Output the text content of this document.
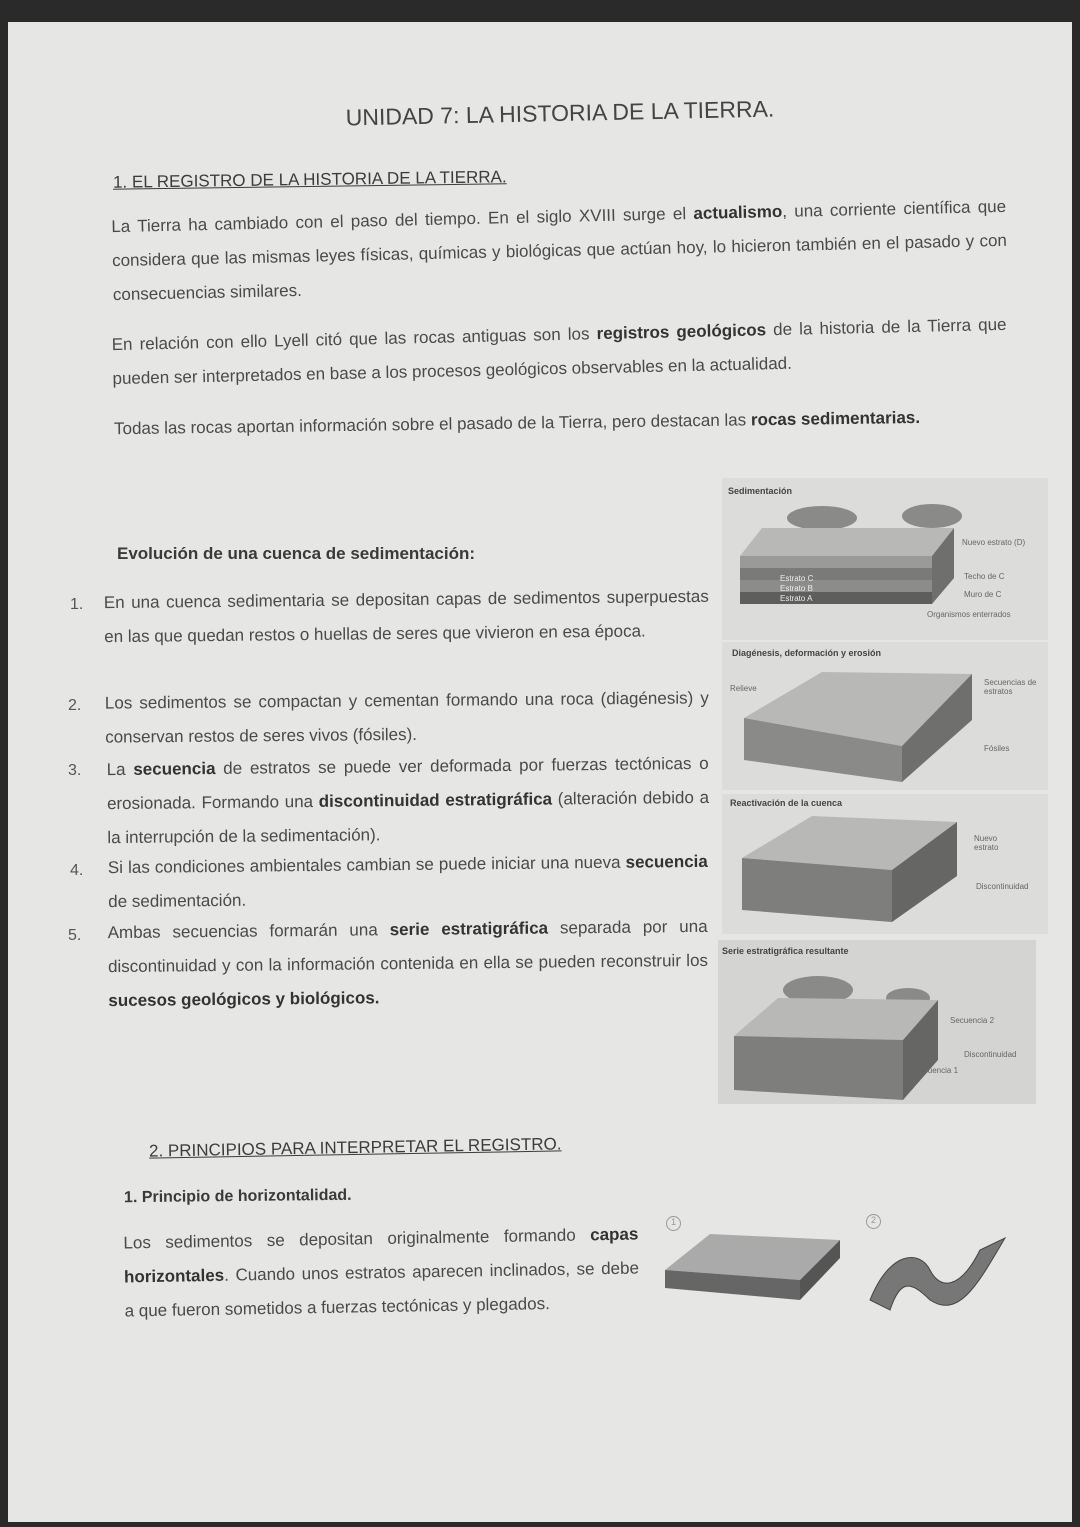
UNIDAD 7: LA HISTORIA DE LA TIERRA.
1. EL REGISTRO DE LA HISTORIA DE LA TIERRA.
La Tierra ha cambiado con el paso del tiempo. En el siglo XVIII surge el actualismo, una corriente científica que considera que las mismas leyes físicas, químicas y biológicas que actúan hoy, lo hicieron también en el pasado y con consecuencias similares.
En relación con ello Lyell citó que las rocas antiguas son los registros geológicos de la historia de la Tierra que pueden ser interpretados en base a los procesos geológicos observables en la actualidad.
Todas las rocas aportan información sobre el pasado de la Tierra, pero destacan las rocas sedimentarias.
Evolución de una cuenca de sedimentación:
1. En una cuenca sedimentaria se depositan capas de sedimentos superpuestas en las que quedan restos o huellas de seres que vivieron en esa época.
2. Los sedimentos se compactan y cementan formando una roca (diagénesis) y conservan restos de seres vivos (fósiles).
3. La secuencia de estratos se puede ver deformada por fuerzas tectónicas o erosionada. Formando una discontinuidad estratigráfica (alteración debido a la interrupción de la sedimentación).
4. Si las condiciones ambientales cambian se puede iniciar una nueva secuencia de sedimentación.
5. Ambas secuencias formarán una serie estratigráfica separada por una discontinuidad y con la información contenida en ella se pueden reconstruir los sucesos geológicos y biológicos.
Sedimentación
Estrato C
Estrato B
Estrato A
Nuevo estrato (D)
Techo de C
Muro de C
Organismos enterrados
Diagénesis, deformación y erosión
Relieve
Secuencias de estratos
Fósiles
Reactivación de la cuenca
Nuevo estrato
Discontinuidad
Serie estratigráfica resultante
Secuencia 2
Discontinuidad
Secuencia 1
2. PRINCIPIOS PARA INTERPRETAR EL REGISTRO.
1. Principio de horizontalidad.
Los sedimentos se depositan originalmente formando capas horizontales. Cuando unos estratos aparecen inclinados, se debe a que fueron sometidos a fuerzas tectónicas y plegados.
1	2
